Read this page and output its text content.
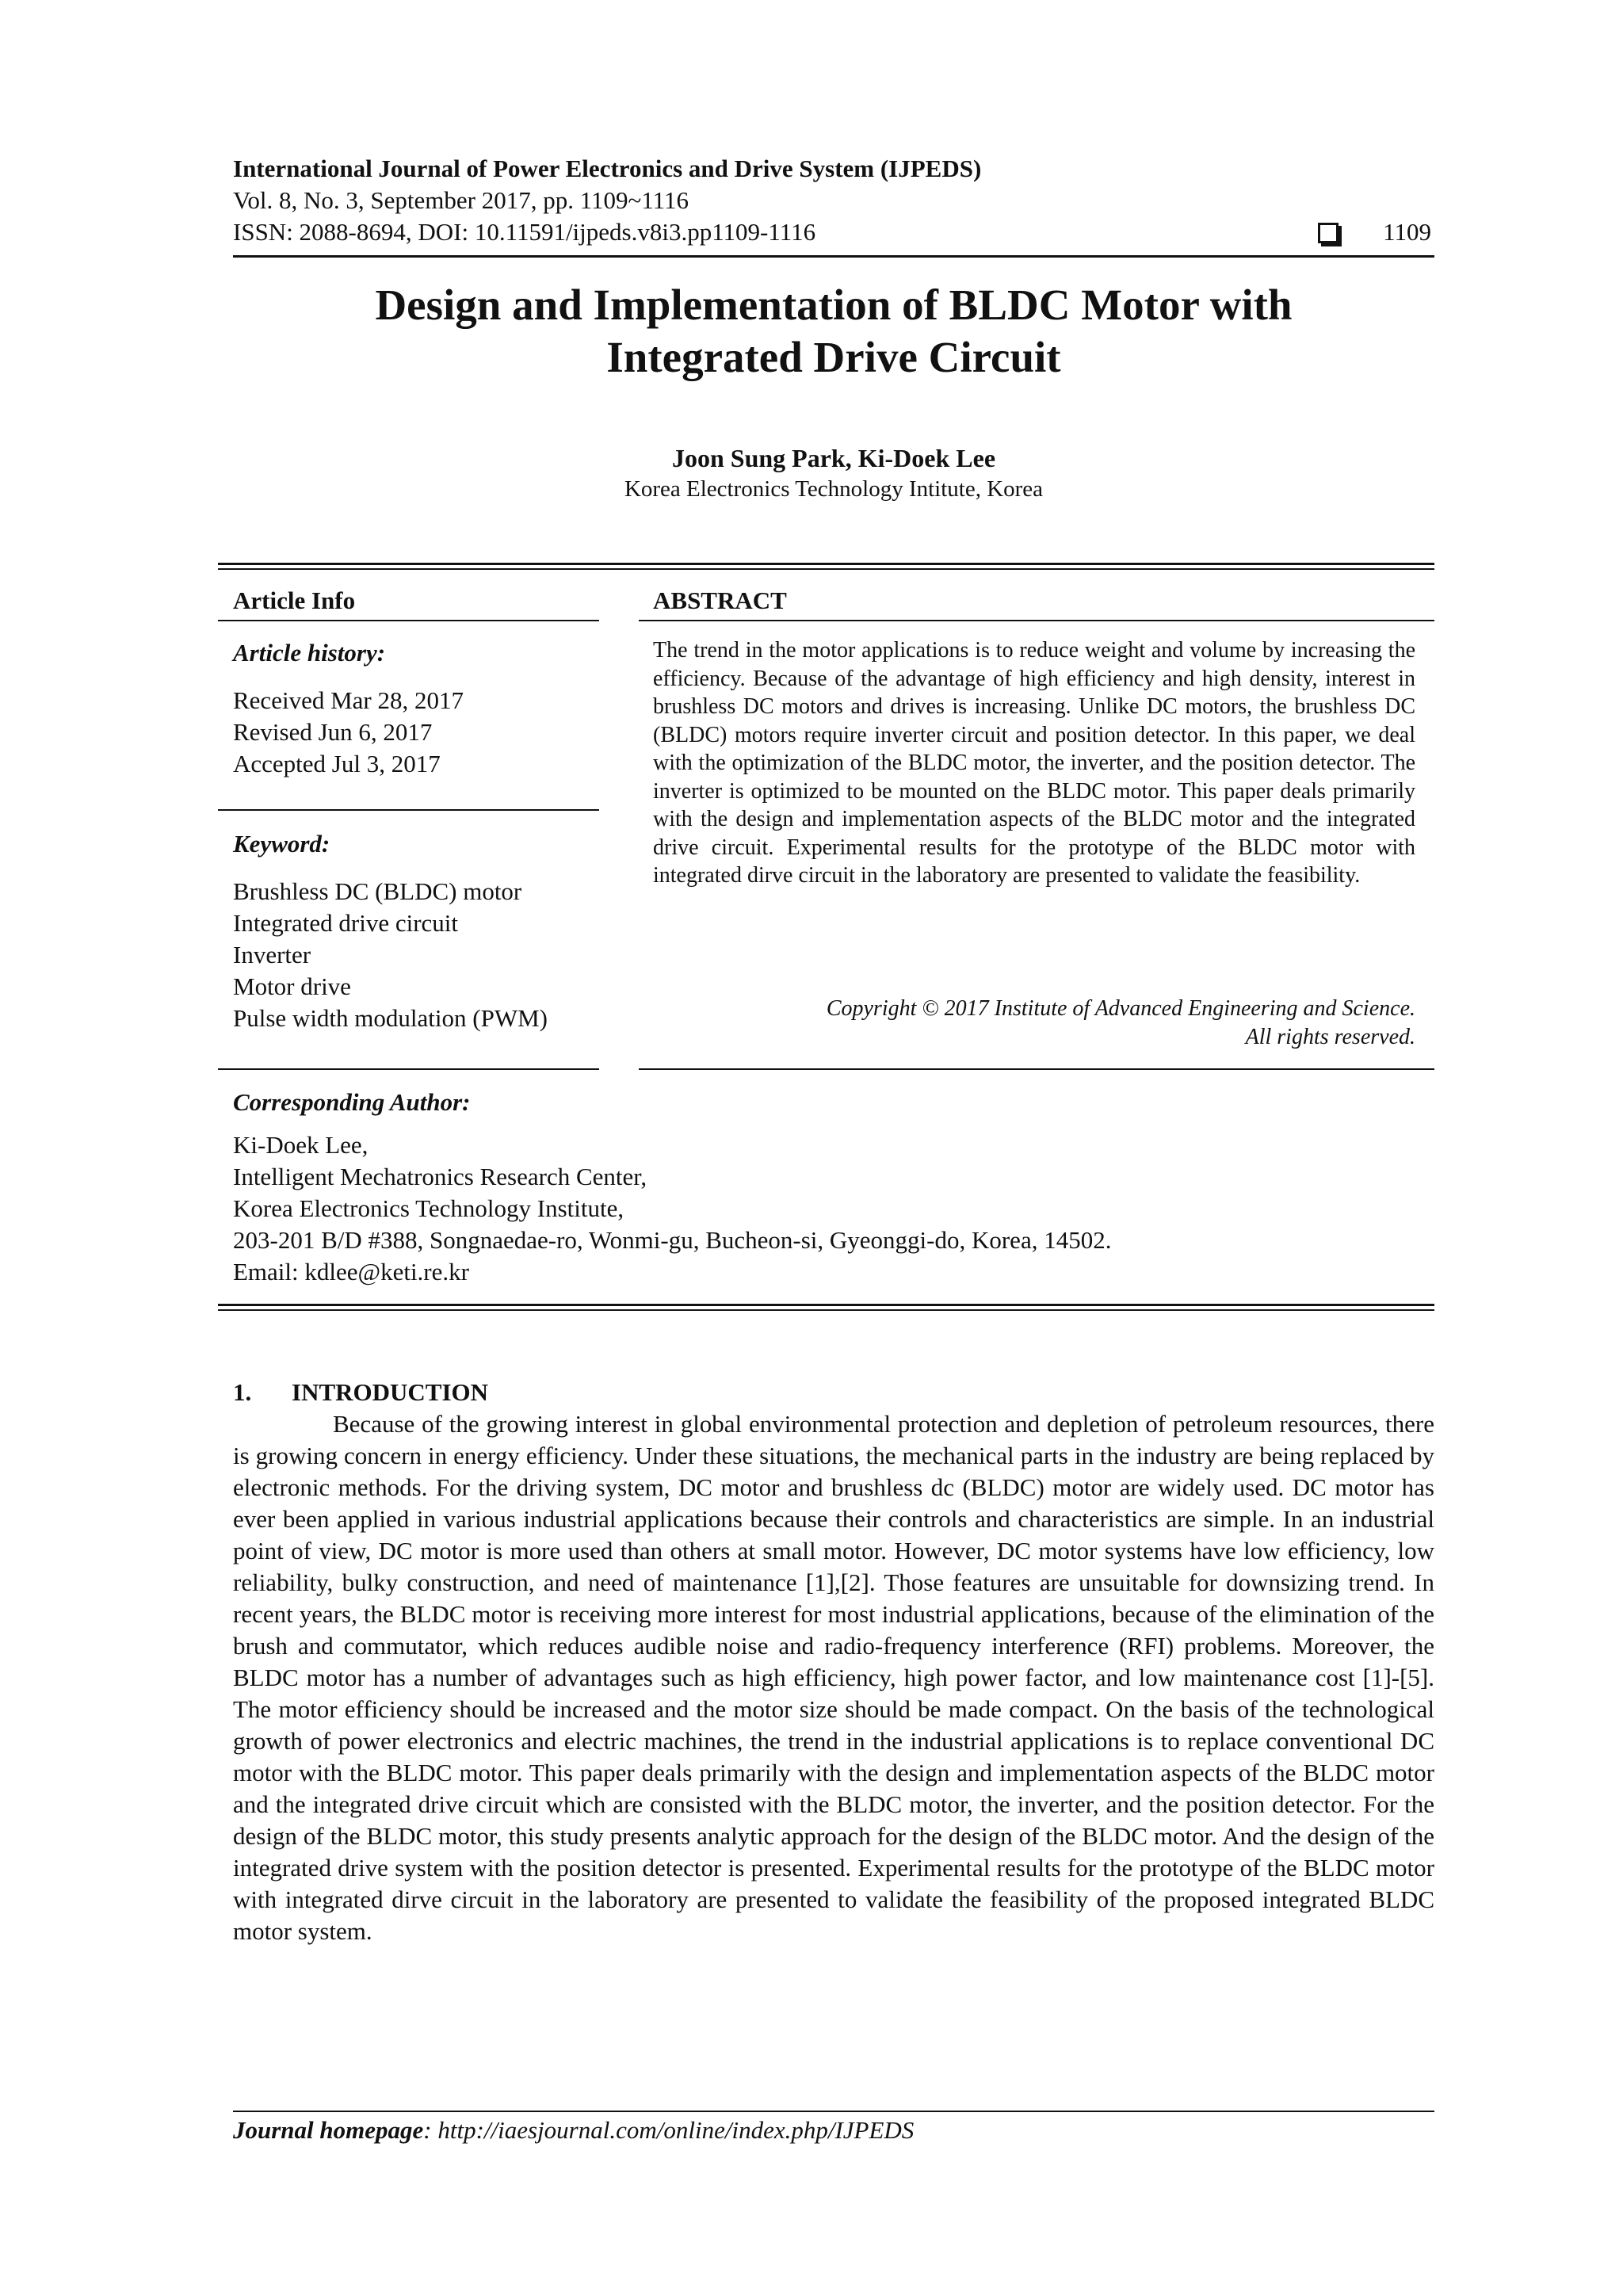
International Journal of Power Electronics and Drive System (IJPEDS)
Vol. 8, No. 3, September 2017, pp. 1109~1116
ISSN: 2088-8694, DOI: 10.11591/ijpeds.v8i3.pp1109-1116	1109
Design and Implementation of BLDC Motor with
Integrated Drive Circuit
Joon Sung Park, Ki-Doek Lee
Korea Electronics Technology Intitute, Korea
Article Info
Article history:
Received Mar 28, 2017
Revised Jun 6, 2017
Accepted Jul 3, 2017
Keyword:
Brushless DC (BLDC) motor
Integrated drive circuit
Inverter
Motor drive
Pulse width modulation (PWM)
ABSTRACT

The trend in the motor applications is to reduce weight and volume by increasing the efficiency. Because of the advantage of high efficiency and high density, interest in brushless DC motors and drives is increasing. Unlike DC motors, the brushless DC (BLDC) motors require inverter circuit and position detector. In this paper, we deal with the optimization of the BLDC motor, the inverter, and the position detector. The inverter is optimized to be mounted on the BLDC motor. This paper deals primarily with the design and implementation aspects of the BLDC motor and the integrated drive circuit. Experimental results for the prototype of the BLDC motor with integrated dirve circuit in the laboratory are presented to validate the feasibility.

Copyright © 2017 Institute of Advanced Engineering and Science.
All rights reserved.
Corresponding Author:
Ki-Doek Lee,
Intelligent Mechatronics Research Center,
Korea Electronics Technology Institute,
203-201 B/D #388, Songnaedae-ro, Wonmi-gu, Bucheon-si, Gyeonggi-do, Korea, 14502.
Email: kdlee@keti.re.kr
1.	INTRODUCTION

Because of the growing interest in global environmental protection and depletion of petroleum resources, there is growing concern in energy efficiency. Under these situations, the mechanical parts in the industry are being replaced by electronic methods. For the driving system, DC motor and brushless dc (BLDC) motor are widely used. DC motor has ever been applied in various industrial applications because their controls and characteristics are simple. In an industrial point of view, DC motor is more used than others at small motor. However, DC motor systems have low efficiency, low reliability, bulky construction, and need of maintenance [1],[2]. Those features are unsuitable for downsizing trend. In recent years, the BLDC motor is receiving more interest for most industrial applications, because of the elimination of the brush and commutator, which reduces audible noise and radio-frequency interference (RFI) problems. Moreover, the BLDC motor has a number of advantages such as high efficiency, high power factor, and low maintenance cost [1]-[5]. The motor efficiency should be increased and the motor size should be made compact. On the basis of the technological growth of power electronics and electric machines, the trend in the industrial applications is to replace conventional DC motor with the BLDC motor. This paper deals primarily with the design and implementation aspects of the BLDC motor and the integrated drive circuit which are consisted with the BLDC motor, the inverter, and the position detector. For the design of the BLDC motor, this study presents analytic approach for the design of the BLDC motor. And the design of the integrated drive system with the position detector is presented. Experimental results for the prototype of the BLDC motor with integrated dirve circuit in the laboratory are presented to validate the feasibility of the proposed integrated BLDC motor system.

Journal homepage: http://iaesjournal.com/online/index.php/IJPEDS
